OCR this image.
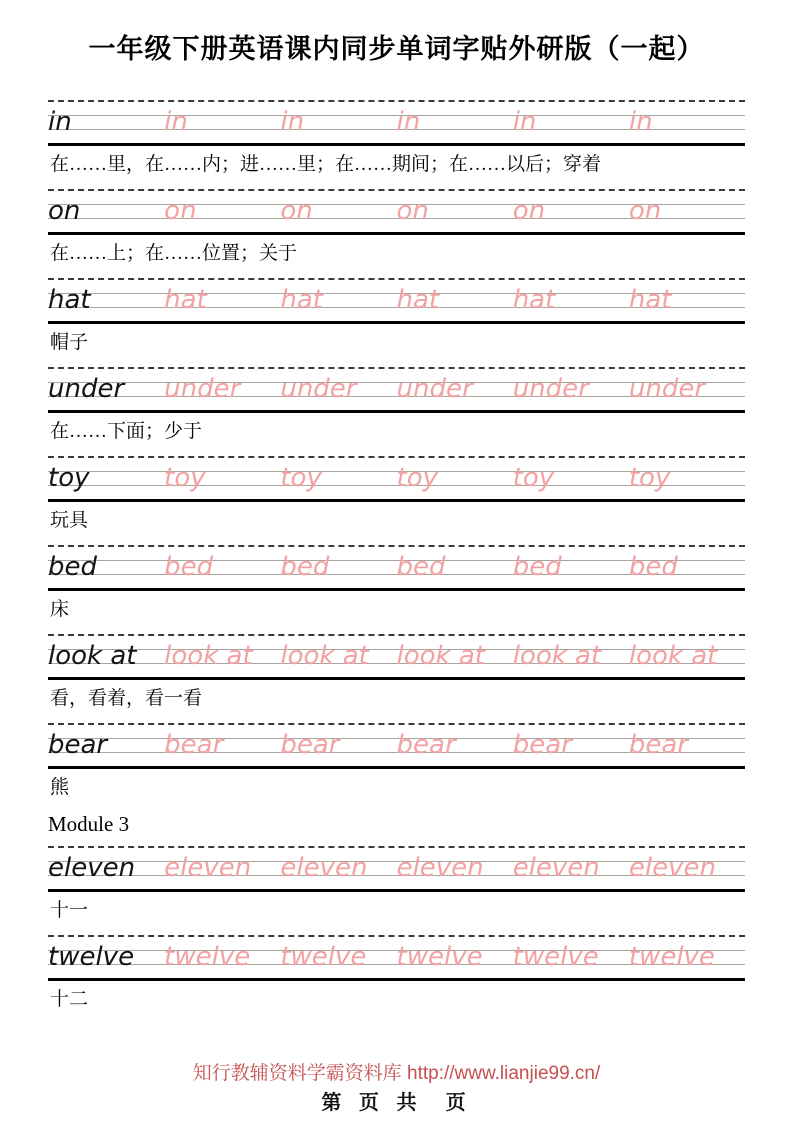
一年级下册英语课内同步单词字贴外研版（一起）
in	in	in	in	in	in
在……里，在……内；进……里；在……期间；在……以后；穿着
on	on	on	on	on	on
在……上；在……位置；关于
hat	hat	hat	hat	hat	hat
帽子
under	under	under	under	under	under
在……下面；少于
toy	toy	toy	toy	toy	toy
玩具
bed	bed	bed	bed	bed	bed
床
look at	look at	look at	look at	look at	look at
看，看着，看一看
bear	bear	bear	bear	bear	bear
熊
Module 3
eleven	eleven	eleven	eleven	eleven	eleven
十一
twelve	twelve	twelve	twelve	twelve	twelve
十二
知行教辅资料学霸资料库 http://www.lianjie99.cn/
第 页 共  页
